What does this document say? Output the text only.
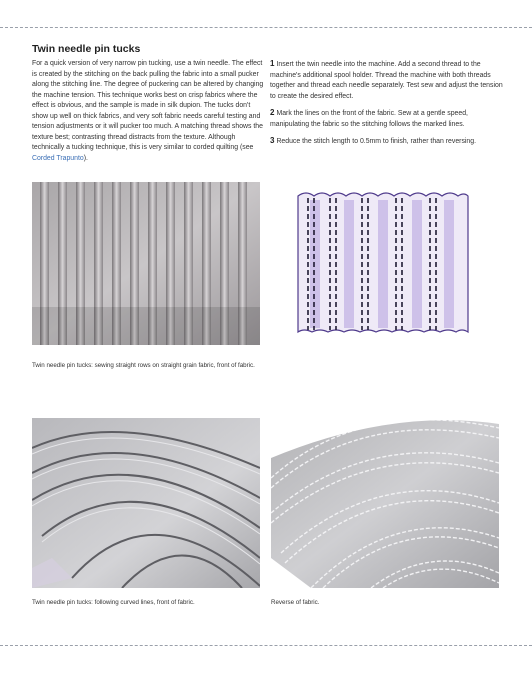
Twin needle pin tucks
For a quick version of very narrow pin tucking, use a twin needle. The effect is created by the stitching on the back pulling the fabric into a small pucker along the stitching line. The degree of puckering can be altered by changing the machine tension. This technique works best on crisp fabrics where the effect is obvious, and the sample is made in silk dupion. The tucks don't show up well on thick fabrics, and very soft fabric needs careful testing and tension adjustments or it will pucker too much. A matching thread shows the texture best; contrasting thread distracts from the texture. Although technically a tucking technique, this is very similar to corded quilting (see Corded Trapunto).

1 Insert the twin needle into the machine. Add a second thread to the machine's additional spool holder. Thread the machine with both threads together and thread each needle separately. Test sew and adjust the tension to create the desired effect.

2 Mark the lines on the front of the fabric. Sew at a gentle speed, manipulating the fabric so the stitching follows the marked lines.

3 Reduce the stitch length to 0.5mm to finish, rather than reversing.

Twin needle pin tucks: sewing straight rows on straight grain fabric, front of fabric.
Twin needle pin tucks: following curved lines, front of fabric.	Reverse of fabric.
